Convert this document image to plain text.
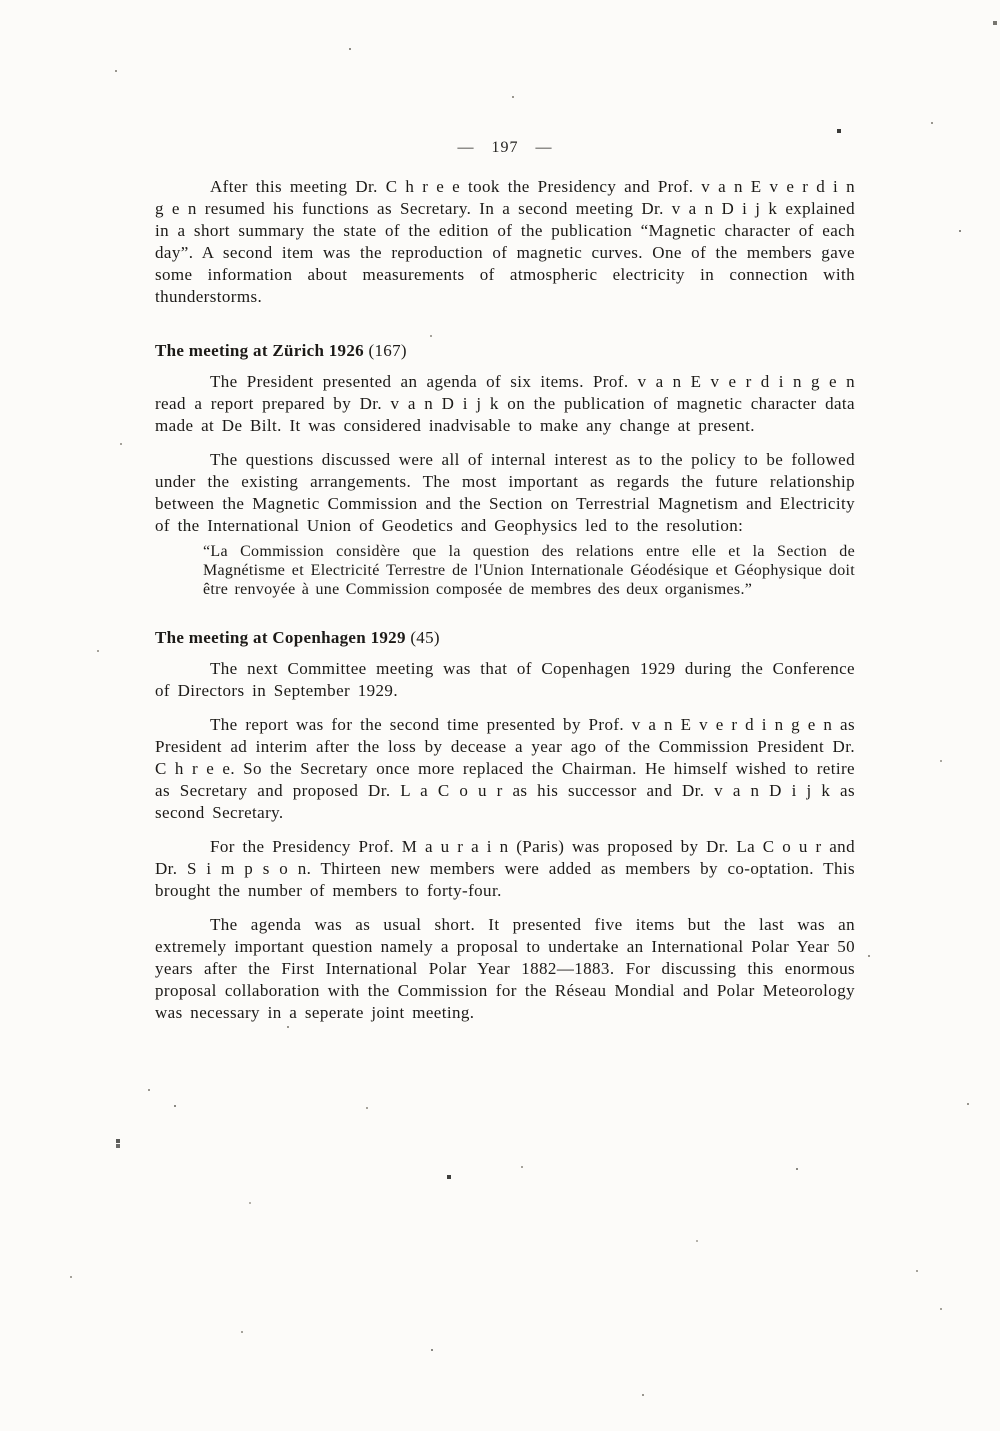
— 197 —

After this meeting Dr. C h r e e took the Presidency and Prof. v a n E v e r d i n g e n resumed his functions as Secretary. In a second meeting Dr. v a n D i j k explained in a short summary the state of the edition of the publication “Magnetic character of each day”. A second item was the reproduction of magnetic curves. One of the members gave some information about measurements of atmospheric electricity in connection with thunderstorms.

The meeting at Zürich 1926 (167)

The President presented an agenda of six items. Prof. v a n E v e r d i n g e n read a report prepared by Dr. v a n D i j k on the publication of magnetic character data made at De Bilt. It was considered inadvisable to make any change at present.

The questions discussed were all of internal interest as to the policy to be followed under the existing arrangements. The most important as regards the future relationship between the Magnetic Commission and the Section on Terrestrial Magnetism and Electricity of the International Union of Geodetics and Geophysics led to the resolution:

“La Commission considère que la question des relations entre elle et la Section de Magnétisme et Electricité Terrestre de l'Union Internationale Géodésique et Géophysique doit être renvoyée à une Commission composée de membres des deux organismes.”
The meeting at Copenhagen 1929 (45)

The next Committee meeting was that of Copenhagen 1929 during the Conference of Directors in September 1929.

The report was for the second time presented by Prof. v a n E v e r d i n g e n as President ad interim after the loss by decease a year ago of the Commission President Dr. C h r e e. So the Secretary once more replaced the Chairman. He himself wished to retire as Secretary and proposed Dr. L a C o u r as his successor and Dr. v a n D i j k as second Secretary.

For the Presidency Prof. M a u r a i n (Paris) was proposed by Dr. La C o u r and Dr. S i m p s o n. Thirteen new members were added as members by co-optation. This brought the number of members to forty-four.

The agenda was as usual short. It presented five items but the last was an extremely important question namely a proposal to undertake an International Polar Year 50 years after the First International Polar Year 1882—1883. For discussing this enormous proposal collaboration with the Commission for the Réseau Mondial and Polar Meteorology was necessary in a seperate joint meeting.
